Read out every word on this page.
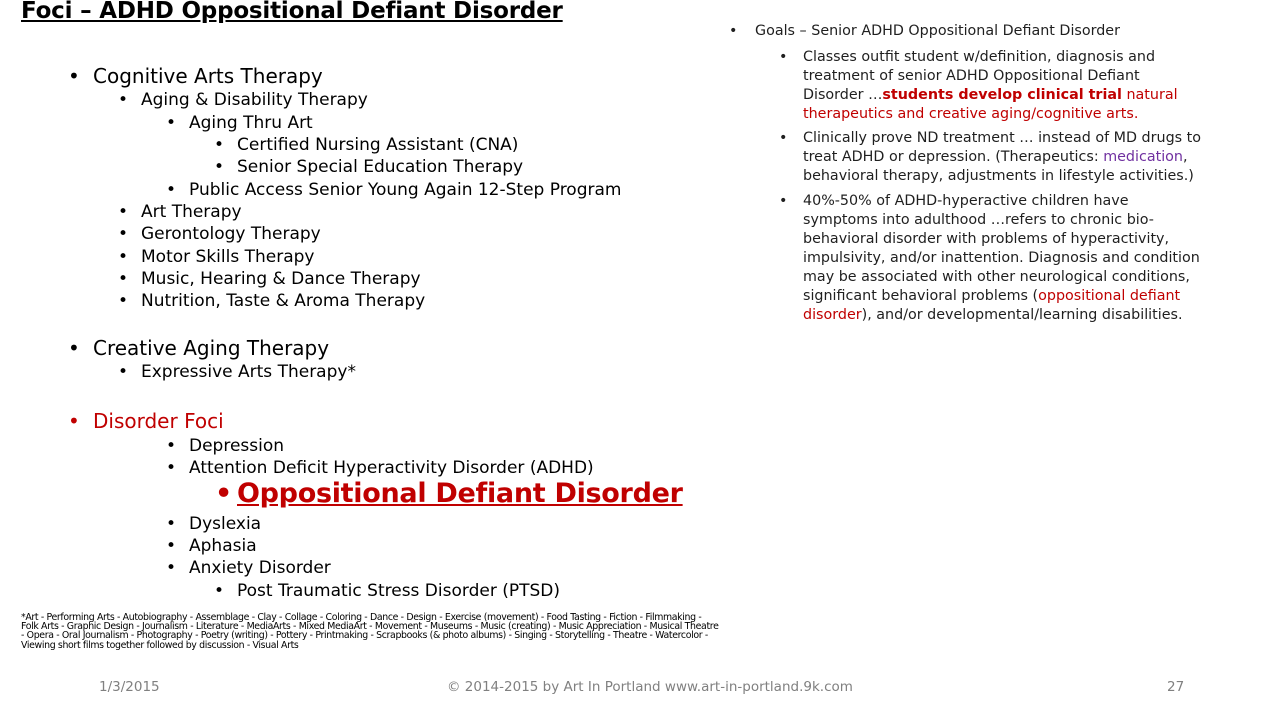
Foci – ADHD Oppositional Defiant Disorder
• Cognitive Arts Therapy
• Aging & Disability Therapy
• Aging Thru Art
• Certified Nursing Assistant (CNA)
• Senior Special Education Therapy
• Public Access Senior Young Again 12-Step Program
• Art Therapy
• Gerontology Therapy
• Motor Skills Therapy
• Music, Hearing & Dance Therapy
• Nutrition, Taste & Aroma Therapy
• Creative Aging Therapy
• Expressive Arts Therapy*
• Disorder Foci
• Depression
• Attention Deficit Hyperactivity Disorder (ADHD)
• Oppositional Defiant Disorder
• Dyslexia
• Aphasia
• Anxiety Disorder
• Post Traumatic Stress Disorder (PTSD)
*Art - Performing Arts - Autobiography - Assemblage - Clay - Collage - Coloring - Dance - Design - Exercise (movement) - Food Tasting - Fiction - Filmmaking - Folk Arts - Graphic Design - Journalism - Literature - MediaArts - Mixed MediaArt - Movement - Museums - Music (creating) - Music Appreciation - Musical Theatre - Opera - Oral Journalism - Photography - Poetry (writing) - Pottery - Printmaking - Scrapbooks (& photo albums) - Singing - Storytelling - Theatre - Watercolor - Viewing short films together followed by discussion - Visual Arts
• Goals – Senior ADHD Oppositional Defiant Disorder
• Classes outfit student w/definition, diagnosis and treatment of senior ADHD Oppositional Defiant Disorder …students develop clinical trial natural therapeutics and creative aging/cognitive arts.
• Clinically prove ND treatment … instead of MD drugs to treat ADHD or depression. (Therapeutics: medication, behavioral therapy, adjustments in lifestyle activities.)
• 40%-50% of ADHD-hyperactive children have symptoms into adulthood …refers to chronic bio-behavioral disorder with problems of hyperactivity, impulsivity, and/or inattention. Diagnosis and condition may be associated with other neurological conditions, significant behavioral problems (oppositional defiant disorder), and/or developmental/learning disabilities.
1/3/2015	© 2014-2015 by Art In Portland www.art-in-portland.9k.com	27
